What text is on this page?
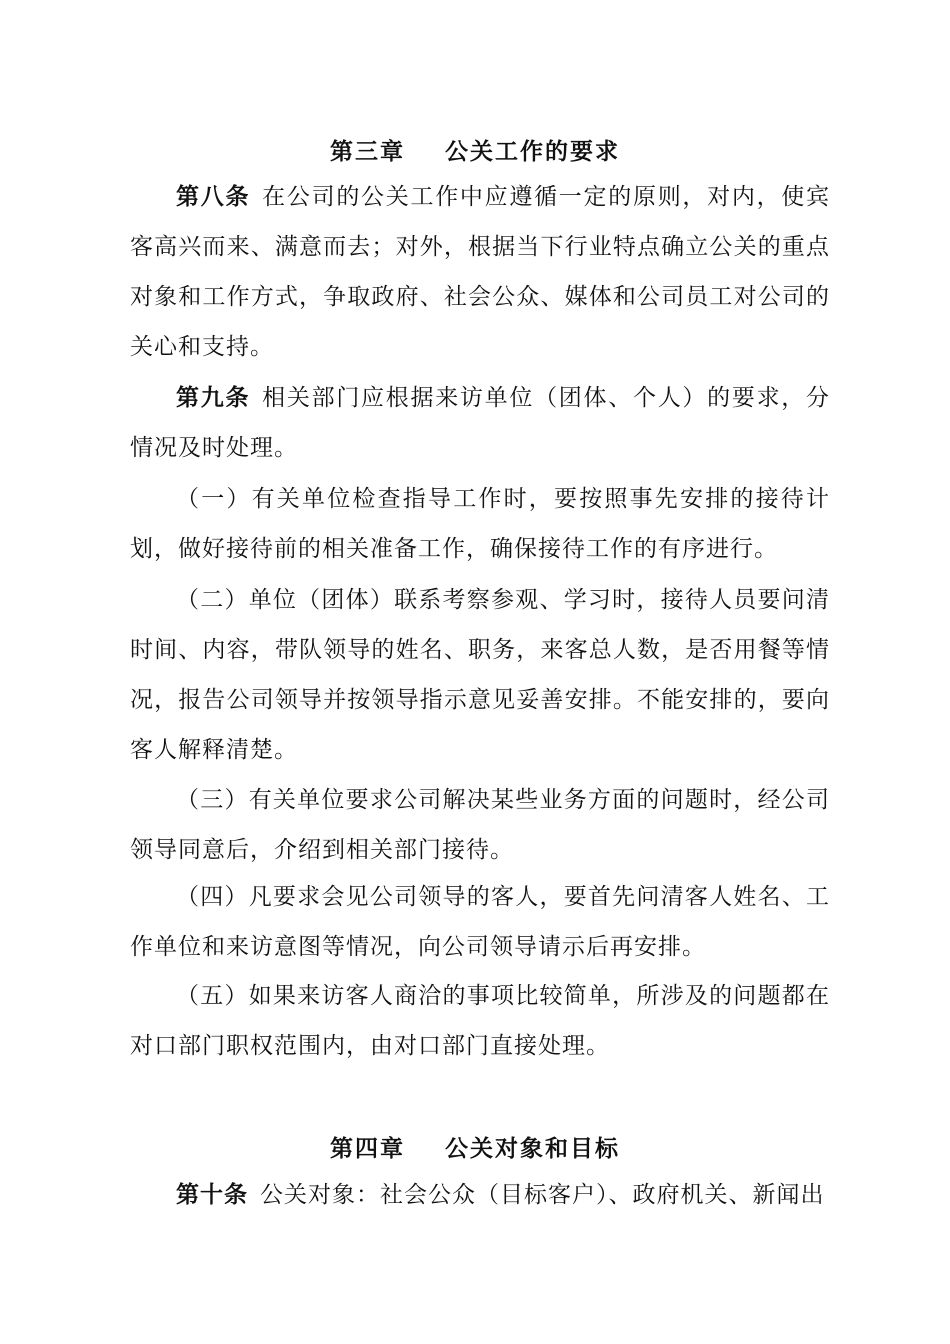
第三章    公关工作的要求

第八条 在公司的公关工作中应遵循一定的原则，对内，使宾客高兴而来、满意而去；对外，根据当下行业特点确立公关的重点对象和工作方式，争取政府、社会公众、媒体和公司员工对公司的关心和支持。

第九条 相关部门应根据来访单位（团体、个人）的要求，分情况及时处理。

（一）有关单位检查指导工作时，要按照事先安排的接待计划，做好接待前的相关准备工作，确保接待工作的有序进行。

（二）单位（团体）联系考察参观、学习时，接待人员要问清时间、内容，带队领导的姓名、职务，来客总人数，是否用餐等情况，报告公司领导并按领导指示意见妥善安排。不能安排的，要向客人解释清楚。

（三）有关单位要求公司解决某些业务方面的问题时，经公司领导同意后，介绍到相关部门接待。

（四）凡要求会见公司领导的客人，要首先问清客人姓名、工作单位和来访意图等情况，向公司领导请示后再安排。

（五）如果来访客人商洽的事项比较简单，所涉及的问题都在对口部门职权范围内，由对口部门直接处理。

第四章    公关对象和目标

第十条 公关对象：社会公众（目标客户）、政府机关、新闻出
